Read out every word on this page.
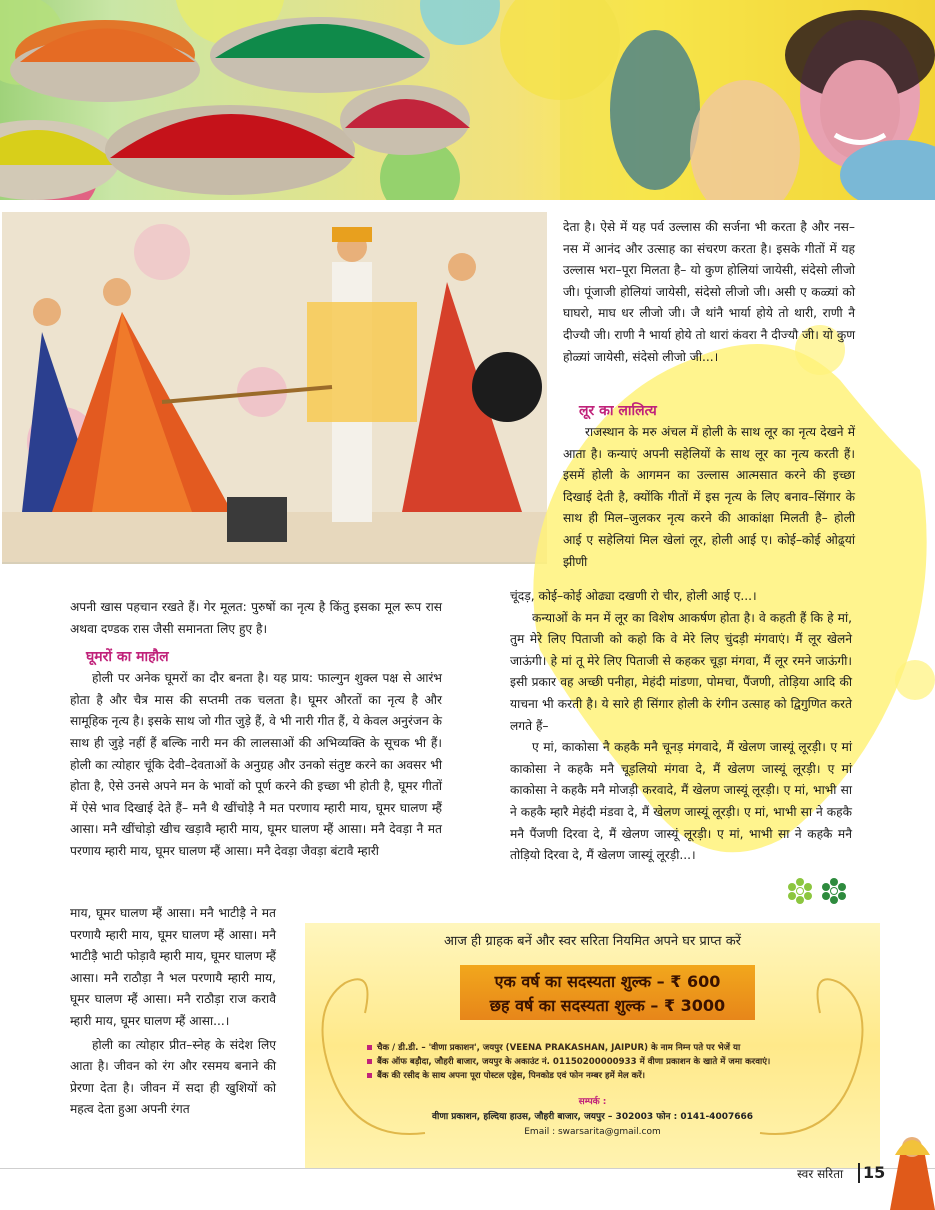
देता है। ऐसे में यह पर्व उल्लास की सर्जना भी करता है और नस–नस में आनंद और उत्साह का संचरण करता है। इसके गीतों में यह उल्लास भरा–पूरा मिलता है– यो कुण होलियां जायेसी, संदेसो लीजो जी। पूंजाजी होलियां जायेसी, संदेसो लीजो जी। असी ए कळ्यां को घाघरो, माघ धर लीजो जी। जै थांनै भार्या होये तो थारी, राणी नै दीज्यौ जी। राणी नै भार्या होये तो थारां कंवरा नै दीज्यौ जी। यो कुण होळ्यां जायेसी, संदेसो लीजो जी...।

लूर का लालित्य

राजस्थान के मरु अंचल में होली के साथ लूर का नृत्य देखने में आता है। कन्याएं अपनी सहेलियों के साथ लूर का नृत्य करती हैं। इसमें होली के आगमन का उल्लास आत्मसात करने की इच्छा दिखाई देती है, क्योंकि गीतों में इस नृत्य के लिए बनाव–सिंगार के साथ ही मिल–जुलकर नृत्य करने की आकांक्षा मिलती है– होली आई ए सहेलियां मिल खेलां लूर, होली आई ए। कोई–कोई ओढ़्यां झीणी

चूंदड़, कोई–कोई ओढ्या दखणी रो चीर, होली आई ए...।

कन्याओं के मन में लूर का विशेष आकर्षण होता है। वे कहती हैं कि हे मां, तुम मेरे लिए पिताजी को कहो कि वे मेरे लिए चुंदड़ी मंगवाएं। मैं लूर खेलने जाऊंगी। हे मां तू मेरे लिए पिताजी से कहकर चूड़ा मंगवा, मैं लूर रमने जाऊंगी। इसी प्रकार वह अच्छी पनीहा, मेहंदी मांडणा, पोमचा, पैंजणी, तोड़िया आदि की याचना भी करती है। ये सारे ही सिंगार होली के रंगीन उत्साह को द्विगुणित करते लगते हैं–

ए मां, काकोसा नै कहकै मनै चूनड़ मंगवादे, मैं खेलण जास्यूं लूरड़ी। ए मां काकोसा ने कहकै मनै चूड़लियो मंगवा दे, मैं खेलण जास्यूं लूरड़ी। ए मां काकोसा ने कहकै मनै मोजड़ी करवादे, मैं खेलण जास्यूं लूरड़ी। ए मां, भाभी सा ने कहकै म्हारै मेहंदी मंडवा दे, मैं खेलण जास्यूं लूरड़ी। ए मां, भाभी सा ने कहकै मनै पैंजणी दिरवा दे, मैं खेलण जास्यूं लूरड़ी। ए मां, भाभी सा ने कहकै मनै तोड़ियो दिरवा दे, मैं खेलण जास्यूं लूरड़ी...।

अपनी खास पहचान रखते हैं। गेर मूलत: पुरुषों का नृत्य है किंतु इसका मूल रूप रास अथवा दण्डक रास जैसी समानता लिए हुए है।

घूमरों का माहौल

होली पर अनेक घूमरों का दौर बनता है। यह प्राय: फाल्गुन शुक्ल पक्ष से आरंभ होता है और चैत्र मास की सप्तमी तक चलता है। घूमर औरतों का नृत्य है और सामूहिक नृत्य है। इसके साथ जो गीत जुड़े हैं, वे भी नारी गीत हैं, ये केवल अनुरंजन के साथ ही जुड़े नहीं हैं बल्कि नारी मन की लालसाओं की अभिव्यक्ति के सूचक भी हैं। होली का त्योहार चूंकि देवी–देवताओं के अनुग्रह और उनको संतुष्ट करने का अवसर भी होता है, ऐसे उनसे अपने मन के भावों को पूर्ण करने की इच्छा भी होती है, घूमर गीतों में ऐसे भाव दिखाई देते हैं– मनै थै खींचोड़ै नै मत परणाय म्हारी माय, घूमर घालण म्हैं आसा। मनै खींचोड़ो खीच खड़ावै म्हारी माय, घूमर घालण म्हैं आसा। मनै देवड़ा नै मत परणाय म्हारी माय, घूमर घालण म्हैं आसा। मनै देवड़ा जैवड़ा बंटावै म्हारी

माय, घूमर घालण म्हैं आसा। मनै भाटीड़ै ने मत परणायै म्हारी माय, घूमर घालण म्हैं आसा। मनै भाटीड़ै भाटी फोड़ावै म्हारी माय, घूमर घालण म्हैं आसा। मनै राठौड़ा नै भल परणायै म्हारी माय, घूमर घालण म्हैं आसा। मनै राठौड़ा राज करावै म्हारी माय, घूमर घालण म्हैं आसा...।

होली का त्योहार प्रीत–स्नेह के संदेश लिए आता है। जीवन को रंग और रसमय बनाने की प्रेरणा देता है। जीवन में सदा ही खुशियों को महत्व देता हुआ अपनी रंगत

आज ही ग्राहक बनें और स्वर सरिता नियमित अपने घर प्राप्त करें
एक वर्ष का सदस्यता शुल्क – ₹ 600
छह वर्ष का सदस्यता शुल्क – ₹ 3000
चैक / डी.डी. – 'वीणा प्रकाशन', जयपुर (VEENA PRAKASHAN, JAIPUR) के नाम निम्न पते पर भेजें या
बैंक ऑफ बड़ौदा, जौहरी बाजार, जयपुर के अकाउंट नं. 01150200000933 में वीणा प्रकाशन के खाते में जमा करवाएं।
बैंक की रसीद के साथ अपना पूरा पोस्टल एड्रेस, पिनकोड एवं फोन नम्बर हमें मेल करें।
सम्पर्क :
वीणा प्रकाशन, हल्दिया हाउस, जौहरी बाजार, जयपुर – 302003 फोन : 0141-4007666
Email : swarsarita@gmail.com
स्वर सरिता	15
